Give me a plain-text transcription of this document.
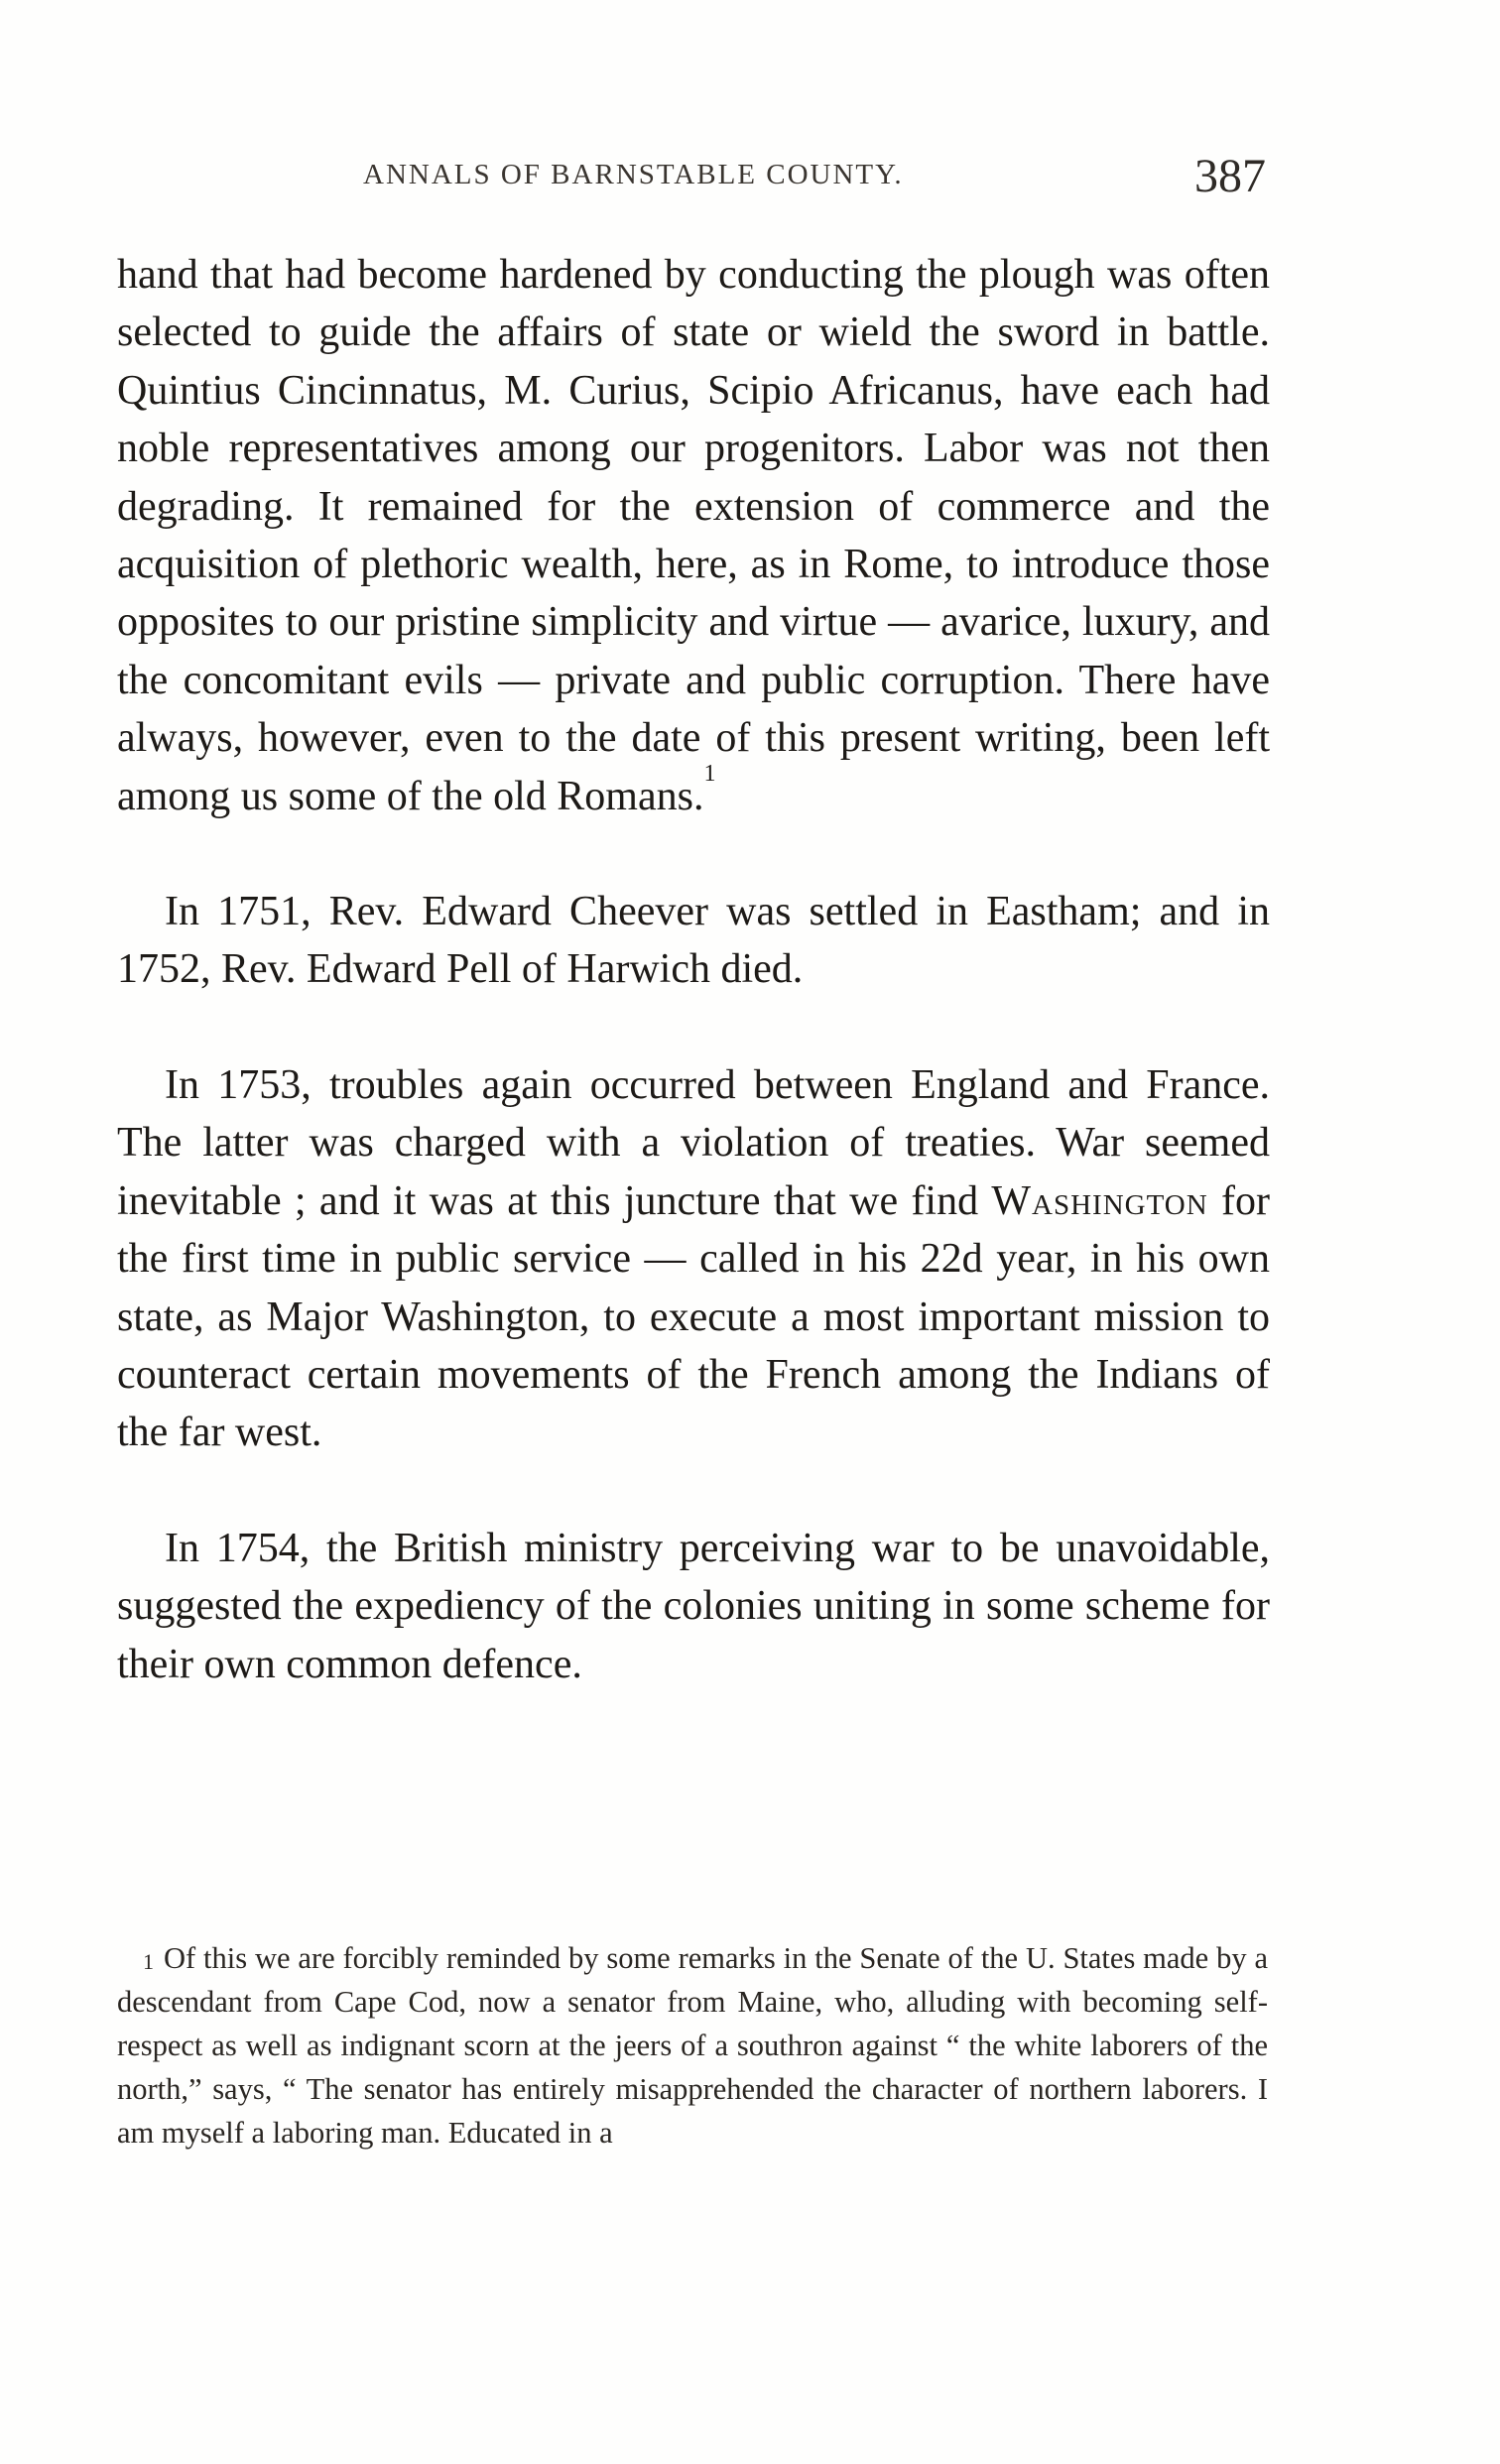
ANNALS OF BARNSTABLE COUNTY.	387

hand that had become hardened by conducting the plough was often selected to guide the affairs of state or wield the sword in battle. Quintius Cincinnatus, M. Curius, Scipio Africanus, have each had noble representatives among our progenitors. Labor was not then degrading. It remained for the extension of commerce and the acquisition of plethoric wealth, here, as in Rome, to introduce those opposites to our pristine simplicity and virtue — avarice, luxury, and the concomitant evils — private and public corruption. There have always, however, even to the date of this present writing, been left among us some of the old Romans.$^1$

In 1751, Rev. Edward Cheever was settled in Eastham; and in 1752, Rev. Edward Pell of Harwich died.

In 1753, troubles again occurred between England and France. The latter was charged with a violation of treaties. War seemed inevitable ; and it was at this juncture that we find Washington for the first time in public service — called in his 22d year, in his own state, as Major Washington, to execute a most important mission to counteract certain movements of the French among the Indians of the far west.

In 1754, the British ministry perceiving war to be unavoidable, suggested the expediency of the colonies uniting in some scheme for their own common defence.

$^1$ Of this we are forcibly reminded by some remarks in the Senate of the U. States made by a descendant from Cape Cod, now a senator from Maine, who, alluding with becoming self-respect as well as indignant scorn at the jeers of a southron against “ the white laborers of the north,” says, “ The senator has entirely misapprehended the character of northern laborers. I am myself a laboring man. Educated in a
